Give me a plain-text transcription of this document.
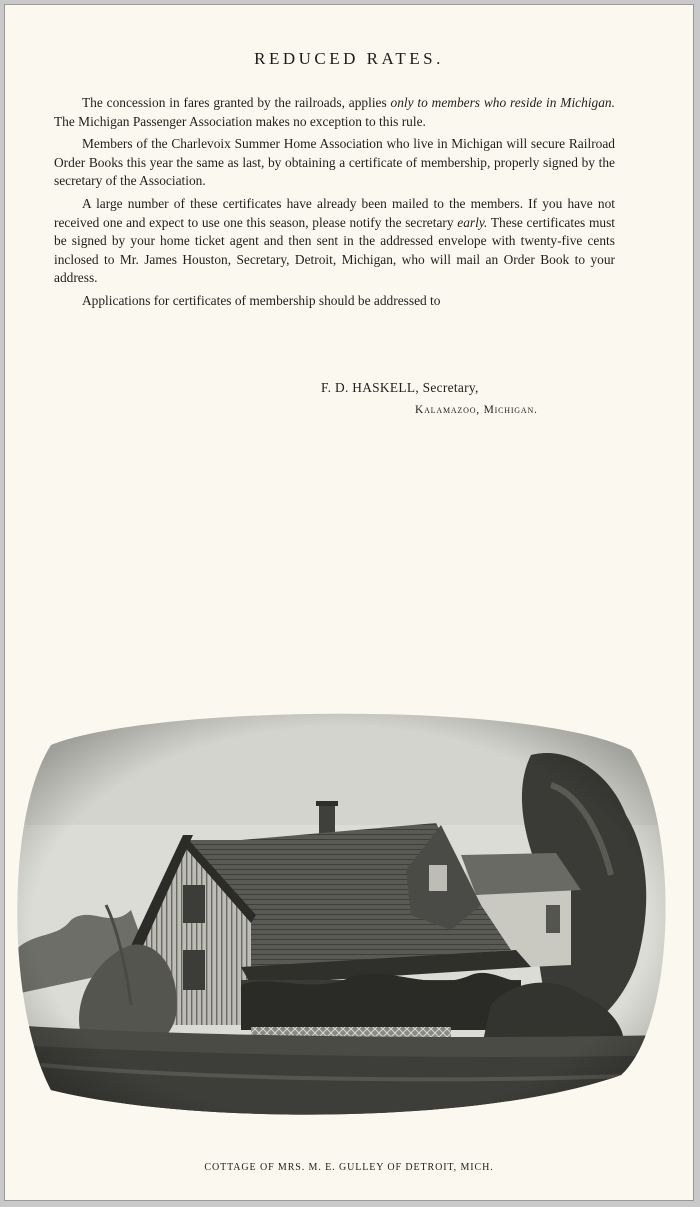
REDUCED RATES.

The concession in fares granted by the railroads, applies only to members who reside in Michigan. The Michigan Passenger Association makes no exception to this rule.

Members of the Charlevoix Summer Home Association who live in Michigan will secure Railroad Order Books this year the same as last, by obtaining a certificate of membership, properly signed by the secretary of the Association.

A large number of these certificates have already been mailed to the members. If you have not received one and expect to use one this season, please notify the secretary early. These certificates must be signed by your home ticket agent and then sent in the addressed envelope with twenty-five cents inclosed to Mr. James Houston, Secretary, Detroit, Michigan, who will mail an Order Book to your address.

Applications for certificates of membership should be addressed to

F. D. HASKELL, Secretary,
Kalamazoo, Michigan.
COTTAGE OF MRS. M. E. GULLEY OF DETROIT, MICH.
